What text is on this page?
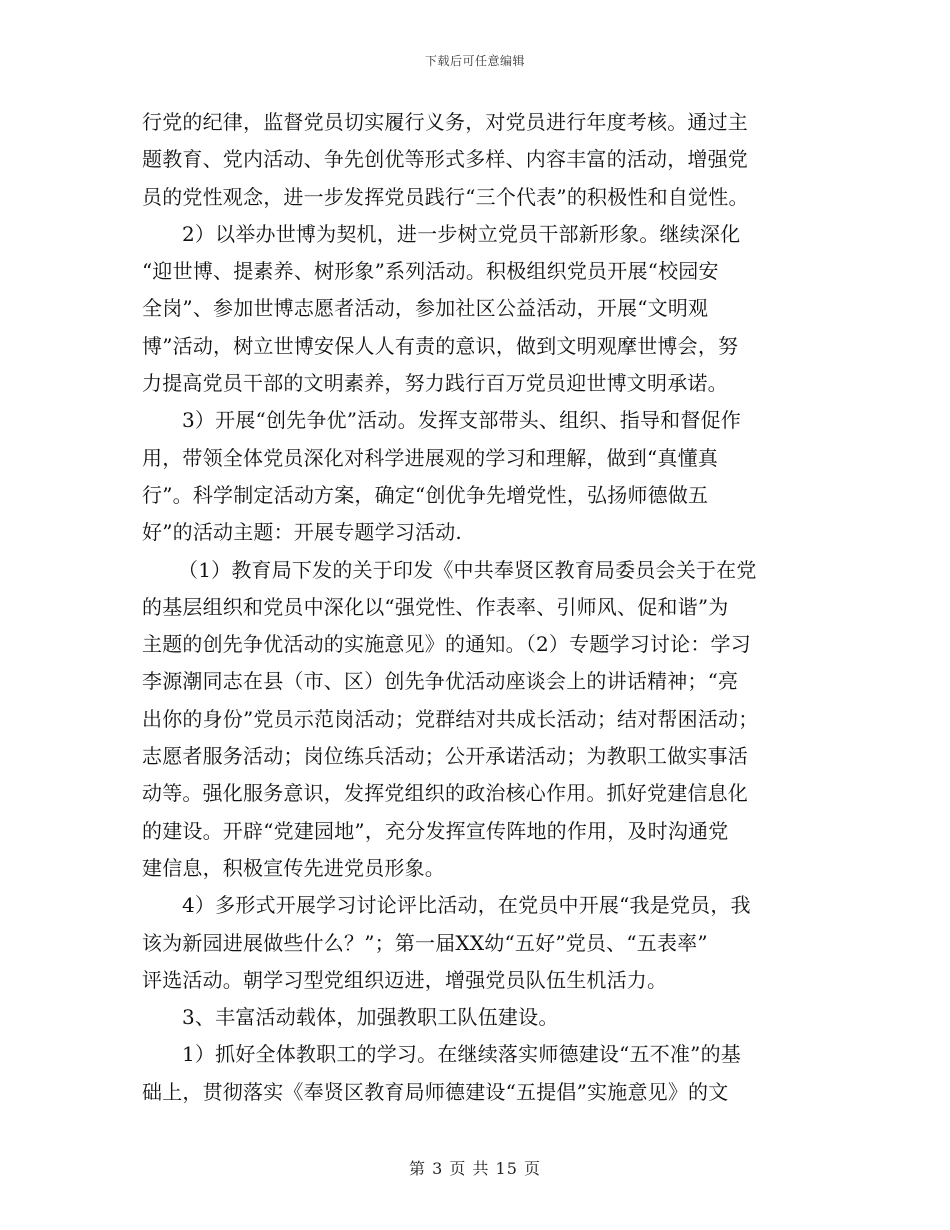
下载后可任意编辑
行党的纪律，监督党员切实履行义务，对党员进行年度考核。通过主
题教育、党内活动、争先创优等形式多样、内容丰富的活动，增强党
员的党性观念，进一步发挥党员践行“三个代表”的积极性和自觉性。
2）以举办世博为契机，进一步树立党员干部新形象。继续深化
“迎世博、提素养、树形象”系列活动。积极组织党员开展“校园安
全岗”、参加世博志愿者活动，参加社区公益活动，开展“文明观
博”活动，树立世博安保人人有责的意识，做到文明观摩世博会，努
力提高党员干部的文明素养，努力践行百万党员迎世博文明承诺。
3）开展“创先争优”活动。发挥支部带头、组织、指导和督促作
用，带领全体党员深化对科学进展观的学习和理解，做到“真懂真
行”。科学制定活动方案，确定“创优争先增党性，弘扬师德做五
好”的活动主题：开展专题学习活动.
（1）教育局下发的关于印发《中共奉贤区教育局委员会关于在党
的基层组织和党员中深化以“强党性、作表率、引师风、促和谐”为
主题的创先争优活动的实施意见》的通知。（2）专题学习讨论：学习
李源潮同志在县（市、区）创先争优活动座谈会上的讲话精神；“亮
出你的身份”党员示范岗活动；党群结对共成长活动；结对帮困活动；
志愿者服务活动；岗位练兵活动；公开承诺活动；为教职工做实事活
动等。强化服务意识，发挥党组织的政治核心作用。抓好党建信息化
的建设。开辟“党建园地”，充分发挥宣传阵地的作用，及时沟通党
建信息，积极宣传先进党员形象。
4）多形式开展学习讨论评比活动，在党员中开展“我是党员，我
该为新园进展做些什么？”；第一届XX幼“五好”党员、“五表率”
评选活动。朝学习型党组织迈进，增强党员队伍生机活力。
3、丰富活动载体，加强教职工队伍建设。
1）抓好全体教职工的学习。在继续落实师德建设“五不准”的基
础上，贯彻落实《奉贤区教育局师德建设“五提倡”实施意见》的文
第 3 页 共 15 页
